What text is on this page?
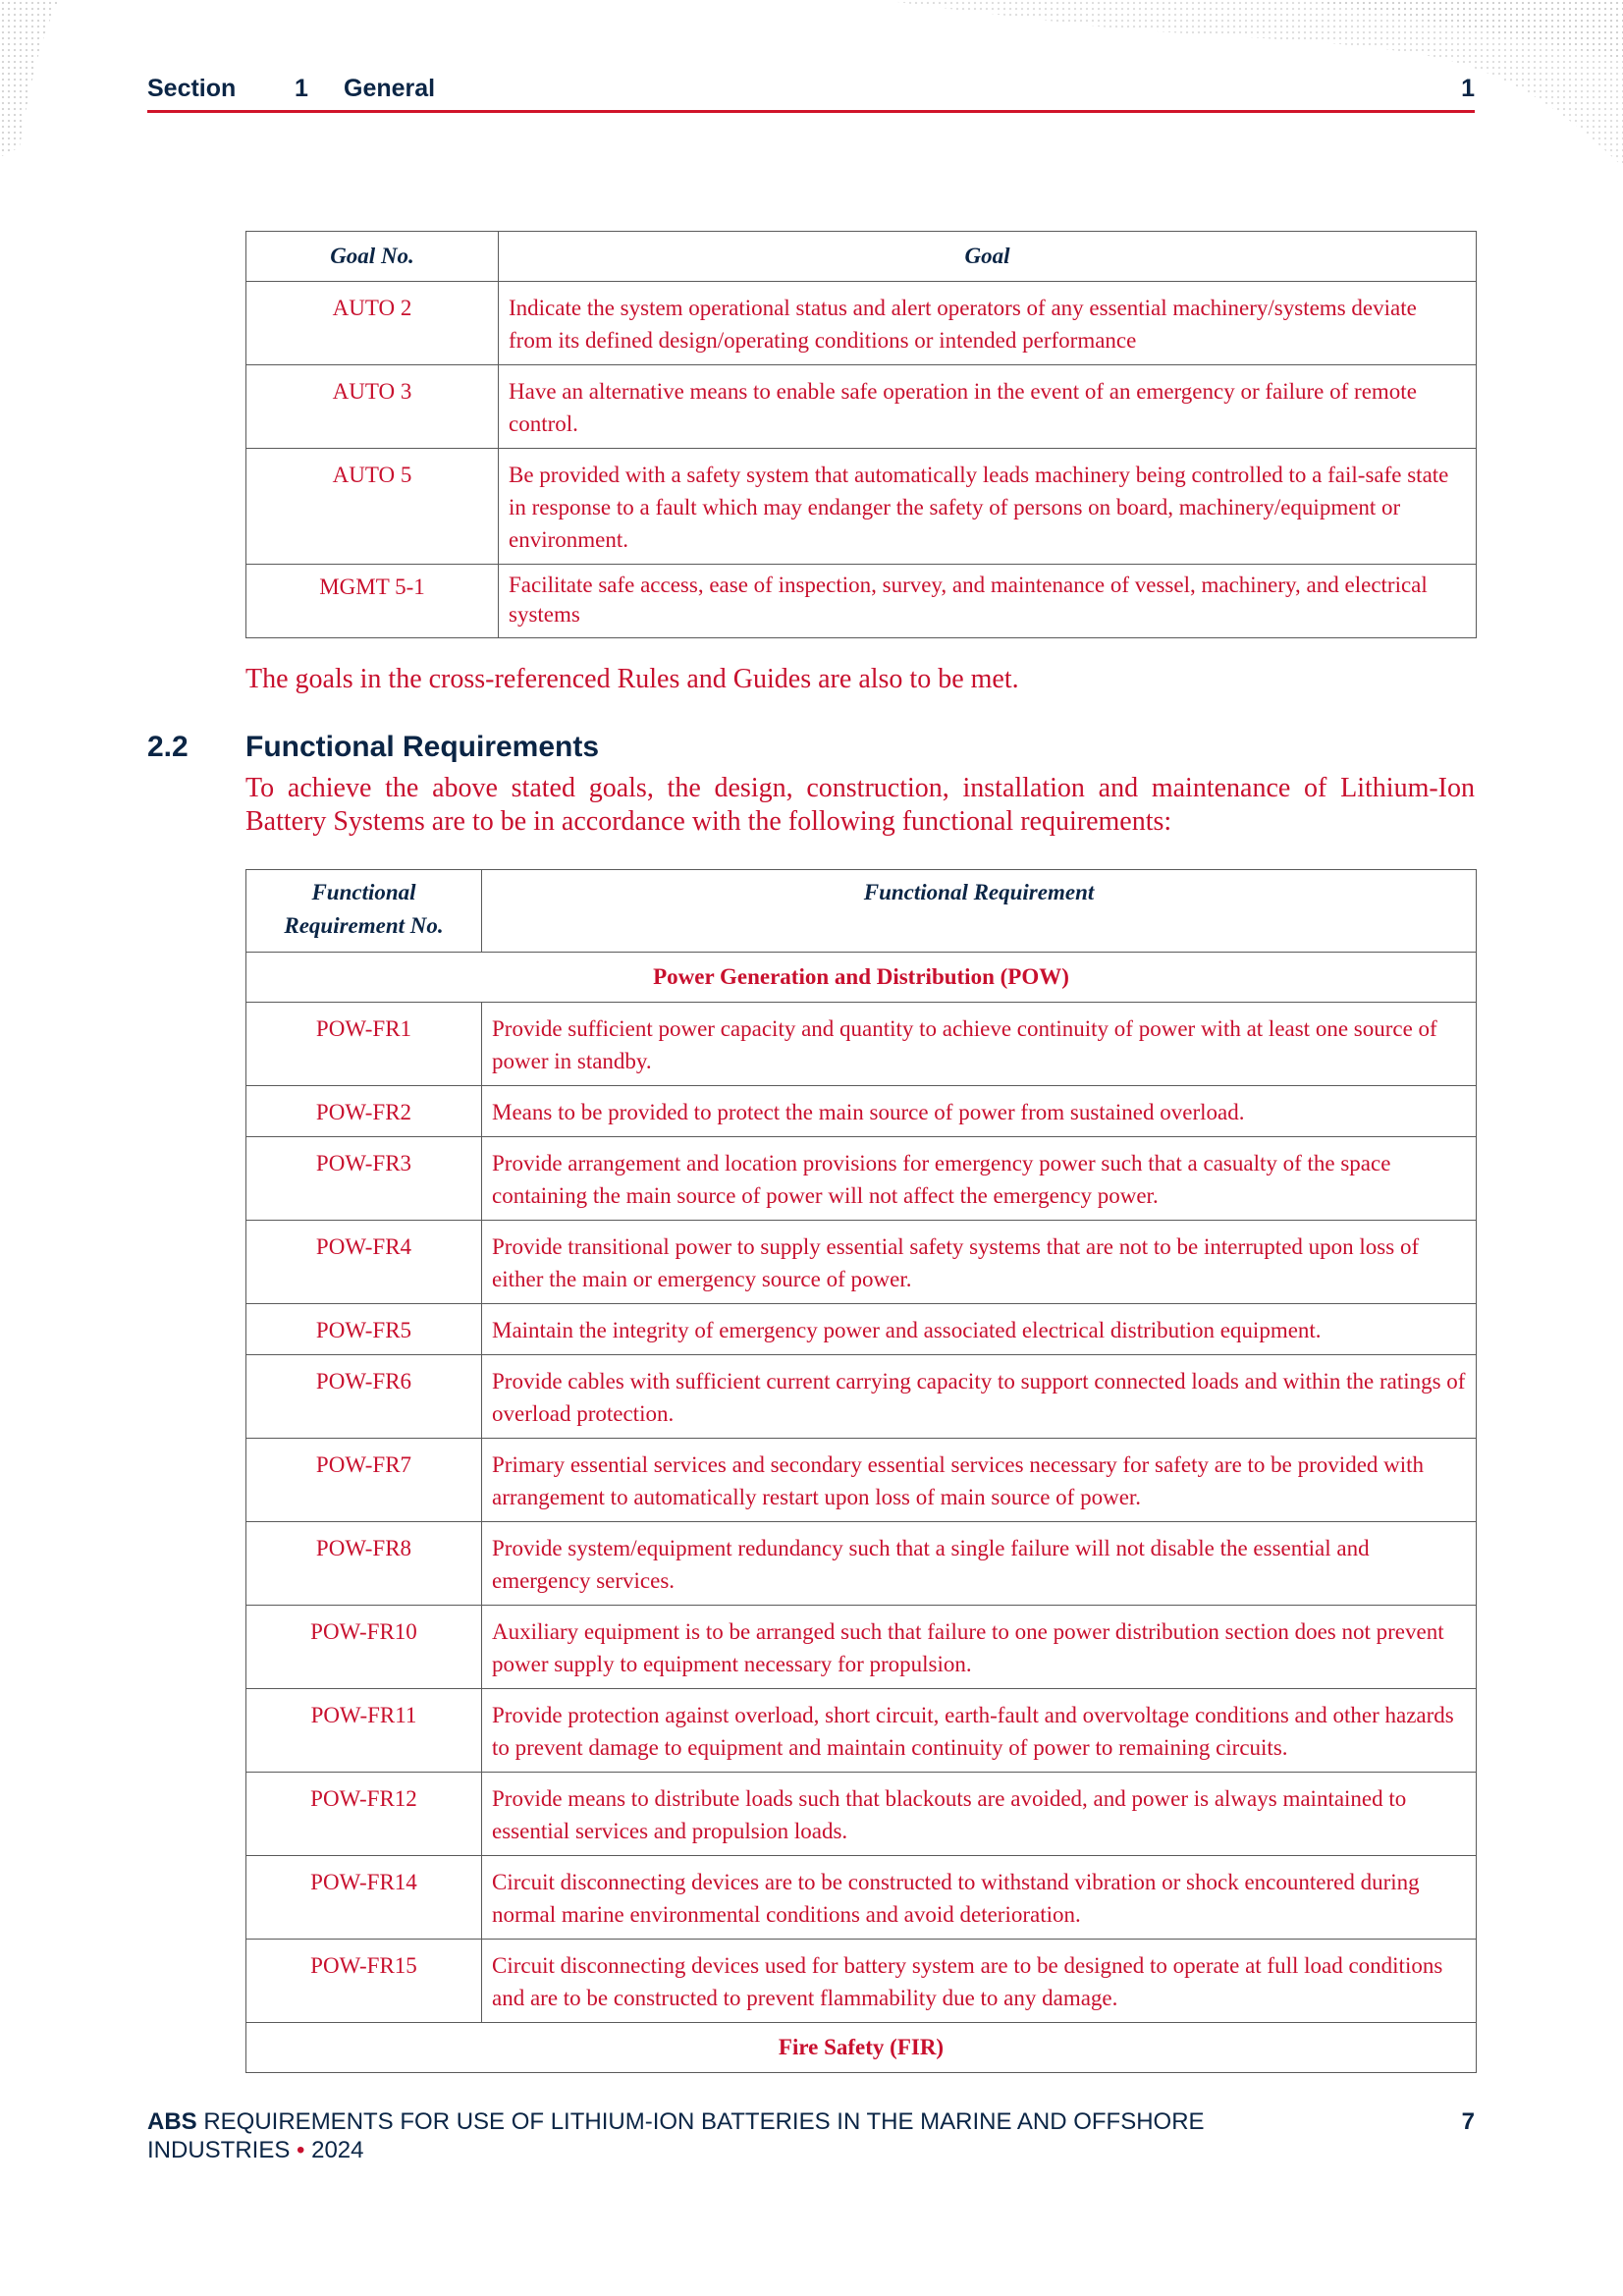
Section 1 General	1
Goal No.	Goal
AUTO 2	Indicate the system operational status and alert operators of any essential machinery/systems deviate from its defined design/operating conditions or intended performance
AUTO 3	Have an alternative means to enable safe operation in the event of an emergency or failure of remote control.
AUTO 5	Be provided with a safety system that automatically leads machinery being controlled to a fail-safe state in response to a fault which may endanger the safety of persons on board, machinery/equipment or environment.
MGMT 5-1	Facilitate safe access, ease of inspection, survey, and maintenance of vessel, machinery, and electrical systems
The goals in the cross-referenced Rules and Guides are also to be met.
2.2 Functional Requirements
To achieve the above stated goals, the design, construction, installation and maintenance of Lithium-Ion Battery Systems are to be in accordance with the following functional requirements:
Functional Requirement No.	Functional Requirement
Power Generation and Distribution (POW)	
POW-FR1	Provide sufficient power capacity and quantity to achieve continuity of power with at least one source of power in standby.
POW-FR2	Means to be provided to protect the main source of power from sustained overload.
POW-FR3	Provide arrangement and location provisions for emergency power such that a casualty of the space containing the main source of power will not affect the emergency power.
POW-FR4	Provide transitional power to supply essential safety systems that are not to be interrupted upon loss of either the main or emergency source of power.
POW-FR5	Maintain the integrity of emergency power and associated electrical distribution equipment.
POW-FR6	Provide cables with sufficient current carrying capacity to support connected loads and within the ratings of overload protection.
POW-FR7	Primary essential services and secondary essential services necessary for safety are to be provided with arrangement to automatically restart upon loss of main source of power.
POW-FR8	Provide system/equipment redundancy such that a single failure will not disable the essential and emergency services.
POW-FR10	Auxiliary equipment is to be arranged such that failure to one power distribution section does not prevent power supply to equipment necessary for propulsion.
POW-FR11	Provide protection against overload, short circuit, earth-fault and overvoltage conditions and other hazards to prevent damage to equipment and maintain continuity of power to remaining circuits.
POW-FR12	Provide means to distribute loads such that blackouts are avoided, and power is always maintained to essential services and propulsion loads.
POW-FR14	Circuit disconnecting devices are to be constructed to withstand vibration or shock encountered during normal marine environmental conditions and avoid deterioration.
POW-FR15	Circuit disconnecting devices used for battery system are to be designed to operate at full load conditions and are to be constructed to prevent flammability due to any damage.
Fire Safety (FIR)	
ABS REQUIREMENTS FOR USE OF LITHIUM-ION BATTERIES IN THE MARINE AND OFFSHORE INDUSTRIES • 2024
7
